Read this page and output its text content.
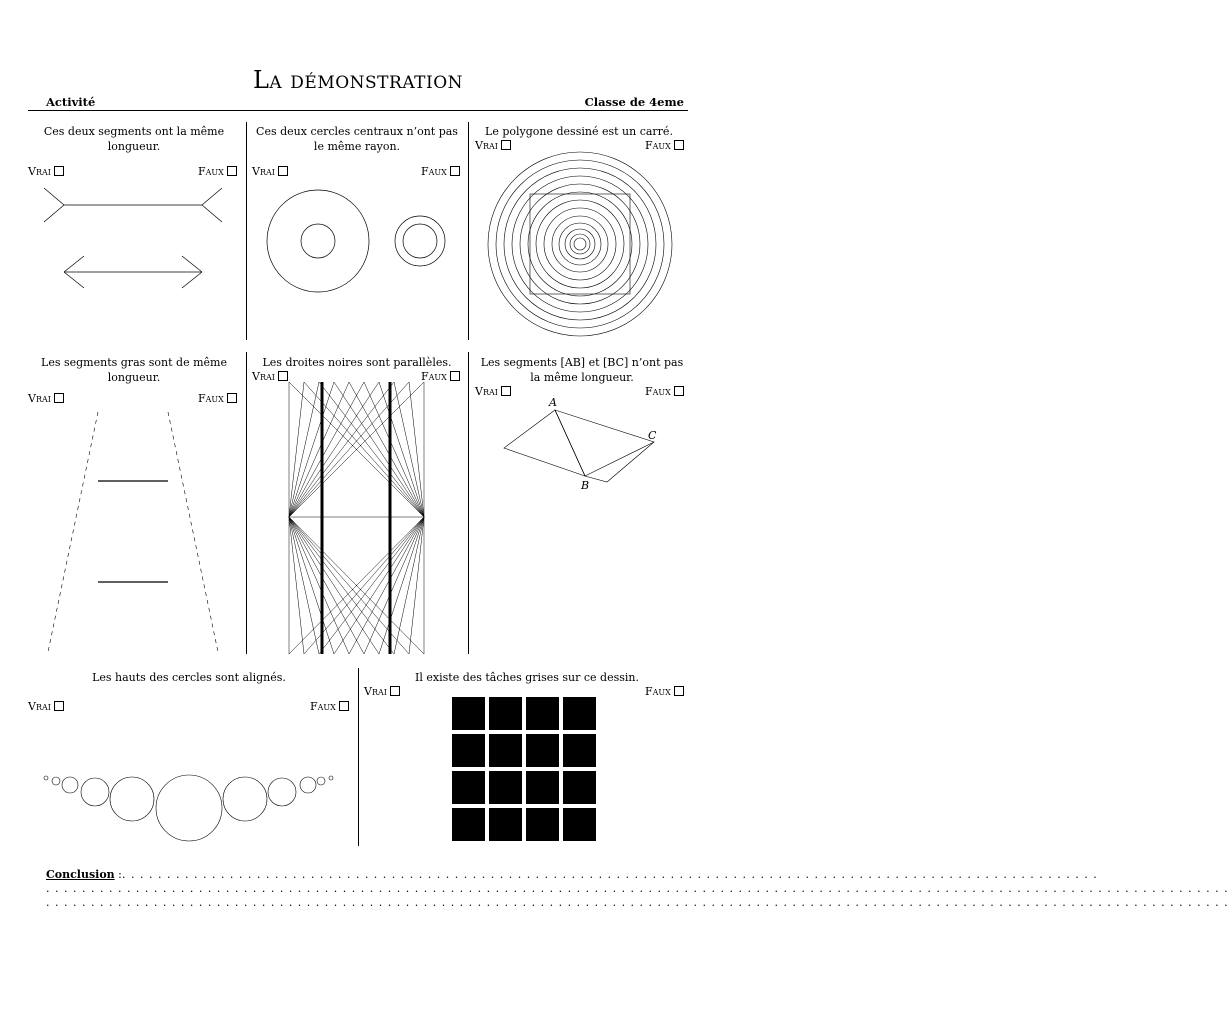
La démonstration
Activité	Classe de 4eme
Ces deux segments ont la même longueur.
Vrai	Faux
Ces deux cercles centraux n’ont pas le même rayon.
Vrai	Faux
Le polygone dessiné est un carré.
Vrai	Faux
Les segments gras sont de même longueur.
Vrai	Faux
Les droites noires sont parallèles.
Vrai	Faux
Les segments [AB] et [BC] n’ont pas la même longueur.
Vrai	Faux
A
C
B
Les hauts des cercles sont alignés.
Vrai	Faux
Il existe des tâches grises sur ce dessin.
Vrai	Faux
Conclusion : . . . . . . . . . . . . . . . . . . . . . . . . . . . . . . . . . . . . . . . . . . . . . . . . . . . . . . . . . . . . . . . . . . . . . . . . . . . . . . . . . . . . . . . . . . . . . . . . . . . . . . . . . . . . .
. . . . . . . . . . . . . . . . . . . . . . . . . . . . . . . . . . . . . . . . . . . . . . . . . . . . . . . . . . . . . . . . . . . . . . . . . . . . . . . . . . . . . . . . . . . . . . . . . . . . . . . . . . . . . . . . . . . . . . . . . . . . . . . . . . . .
. . . . . . . . . . . . . . . . . . . . . . . . . . . . . . . . . . . . . . . . . . . . . . . . . . . . . . . . . . . . . . . . . . . . . . . . . . . . . . . . . . . . . . . . . . . . . . . . . . . . . . . . . . . . . . . . . . . . . . . . . . . . . . . . . . . .
